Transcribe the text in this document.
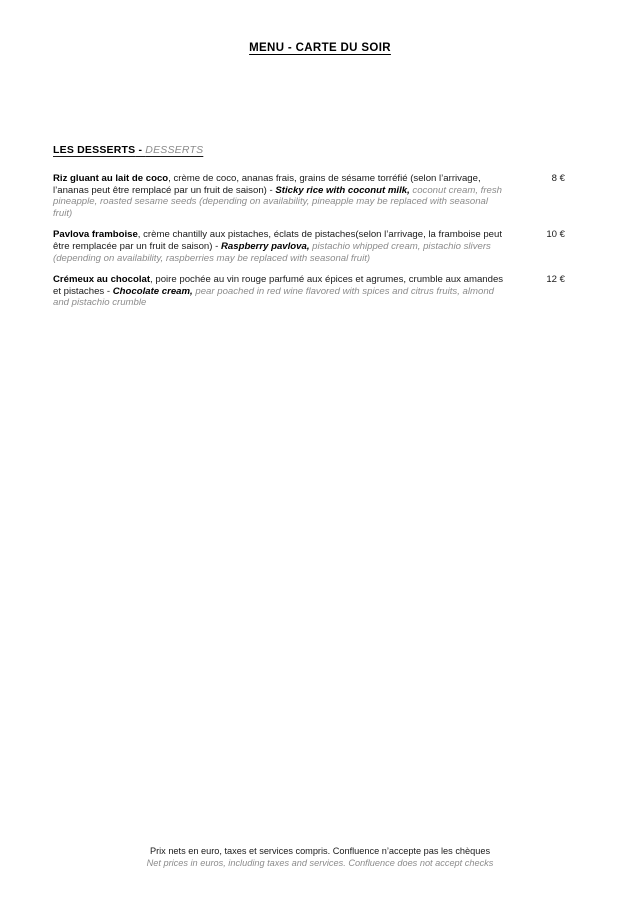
MENU - CARTE DU SOIR
LES DESSERTS - DESSERTS
Riz gluant au lait de coco, crème de coco, ananas frais, grains de sésame torréfié (selon l’arrivage, l’ananas peut être remplacé par un fruit de saison) - Sticky rice with coconut milk, coconut cream, fresh pineapple, roasted sesame seeds (depending on availability, pineapple may be replaced with seasonal fruit)
8 €
Pavlova framboise, crème chantilly aux pistaches, éclats de pistaches(selon l’arrivage, la framboise peut être remplacée par un fruit de saison) - Raspberry pavlova, pistachio whipped cream, pistachio slivers (depending on availability, raspberries may be replaced with seasonal fruit)
10 €
Crémeux au chocolat, poire pochée au vin rouge parfumé aux épices et agrumes, crumble aux amandes et pistaches - Chocolate cream, pear poached in red wine flavored with spices and citrus fruits, almond and pistachio crumble
12 €
Prix nets en euro, taxes et services compris. Confluence n’accepte pas les chèques
Net prices in euros, including taxes and services. Confluence does not accept checks
